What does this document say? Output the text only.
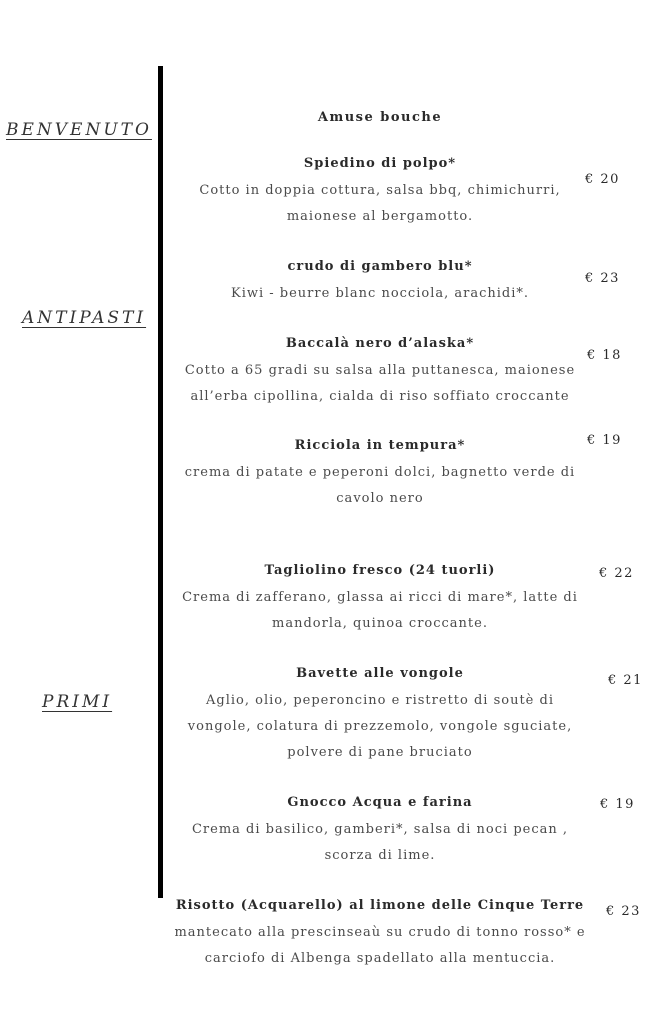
BENVENUTO
ANTIPASTI
PRIMI
Amuse bouche
Spiedino di polpo*
Cotto in doppia cottura, salsa bbq, chimichurri,
maionese al bergamotto.
€ 20
crudo di gambero blu*
Kiwi - beurre blanc nocciola, arachidi*.
€ 23
Baccalà nero d’alaska*
Cotto a 65 gradi su salsa alla puttanesca, maionese
all’erba cipollina, cialda di riso soffiato croccante
€ 18
Ricciola in tempura*
crema di patate e peperoni dolci, bagnetto verde di
cavolo nero
€ 19
Tagliolino fresco (24 tuorli)
Crema di zafferano, glassa ai ricci di mare*, latte di
mandorla, quinoa croccante.
€ 22
Bavette alle vongole
Aglio, olio, peperoncino e ristretto di soutè di
vongole, colatura di prezzemolo, vongole sguciate,
polvere di pane bruciato
€ 21
Gnocco Acqua e farina
Crema di basilico, gamberi*, salsa di noci pecan ,
scorza di lime.
€ 19
Risotto (Acquarello) al limone delle Cinque Terre
mantecato alla prescinseaù su crudo di tonno rosso* e
carciofo di Albenga spadellato alla mentuccia.
€ 23
